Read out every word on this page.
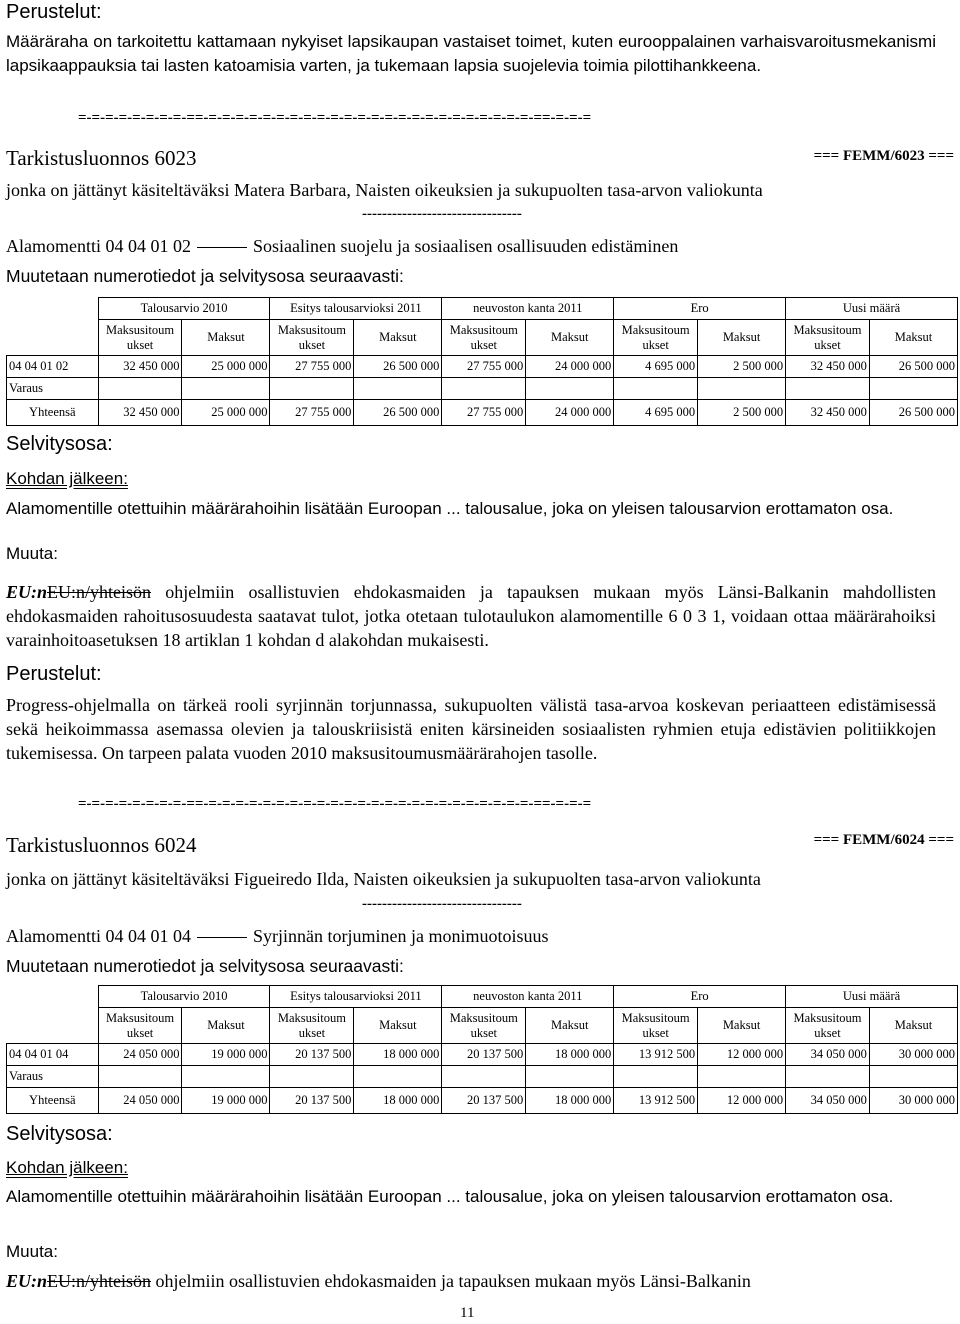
Perustelut:
Määräraha on tarkoitettu kattamaan nykyiset lapsikaupan vastaiset toimet, kuten eurooppalainen varhaisvaroitusmekanismi lapsikaappauksia tai lasten katoamisia varten, ja tukemaan lapsia suojelevia toimia pilottihankkeena.
=-=-=-=-=-=-=-=-==-=-=-=-=-=-=-=-=-=-=-=-=-=-=-=-=-=-=-=-=-=-=-=-=-==-=-=-=
Tarkistusluonnos 6023	=== FEMM/6023 ===
jonka on jättänyt käsiteltäväksi Matera Barbara, Naisten oikeuksien ja sukupuolten tasa-arvon valiokunta
--------------------------------
Alamomentti 04 04 01 02	Sosiaalinen suojelu ja sosiaalisen osallisuuden edistäminen
Muutetaan numerotiedot ja selvitysosa seuraavasti:
	Talousarvio 2010		Esitys talousarvioksi 2011		neuvoston kanta 2011		Ero		Uusi määrä	
	Maksusitoum ukset	Maksut	Maksusitoum ukset	Maksut	Maksusitoum ukset	Maksut	Maksusitoum ukset	Maksut	Maksusitoum ukset	Maksut
04 04 01 02	32 450 000	25 000 000	27 755 000	26 500 000	27 755 000	24 000 000	4 695 000	2 500 000	32 450 000	26 500 000
Varaus										
Yhteensä	32 450 000	25 000 000	27 755 000	26 500 000	27 755 000	24 000 000	4 695 000	2 500 000	32 450 000	26 500 000
Selvitysosa:
Kohdan jälkeen:
Alamomentille otettuihin määrärahoihin lisätään Euroopan ... talousalue, joka on yleisen talousarvion erottamaton osa.
Muuta:
EU:nEU:n/yhteisön ohjelmiin osallistuvien ehdokasmaiden ja tapauksen mukaan myös Länsi-Balkanin mahdollisten ehdokasmaiden rahoitusosuudesta saatavat tulot, jotka otetaan tulotaulukon alamomentille 6 0 3 1, voidaan ottaa määrärahoiksi varainhoitoasetuksen 18 artiklan 1 kohdan d alakohdan mukaisesti.
Perustelut:
Progress-ohjelmalla on tärkeä rooli syrjinnän torjunnassa, sukupuolten välistä tasa-arvoa koskevan periaatteen edistämisessä sekä heikoimmassa asemassa olevien ja talouskriisistä eniten kärsineiden sosiaalisten ryhmien etuja edistävien politiikkojen tukemisessa. On tarpeen palata vuoden 2010 maksusitoumusmäärärahojen tasolle.
=-=-=-=-=-=-=-=-==-=-=-=-=-=-=-=-=-=-=-=-=-=-=-=-=-=-=-=-=-=-=-=-=-==-=-=-=
Tarkistusluonnos 6024	=== FEMM/6024 ===
jonka on jättänyt käsiteltäväksi Figueiredo Ilda, Naisten oikeuksien ja sukupuolten tasa-arvon valiokunta
--------------------------------
Alamomentti 04 04 01 04	Syrjinnän torjuminen ja monimuotoisuus
Muutetaan numerotiedot ja selvitysosa seuraavasti:
	Talousarvio 2010		Esitys talousarvioksi 2011		neuvoston kanta 2011		Ero		Uusi määrä	
	Maksusitoum ukset	Maksut	Maksusitoum ukset	Maksut	Maksusitoum ukset	Maksut	Maksusitoum ukset	Maksut	Maksusitoum ukset	Maksut
04 04 01 04	24 050 000	19 000 000	20 137 500	18 000 000	20 137 500	18 000 000	13 912 500	12 000 000	34 050 000	30 000 000
Varaus										
Yhteensä	24 050 000	19 000 000	20 137 500	18 000 000	20 137 500	18 000 000	13 912 500	12 000 000	34 050 000	30 000 000
Selvitysosa:
Kohdan jälkeen:
Alamomentille otettuihin määrärahoihin lisätään Euroopan ... talousalue, joka on yleisen talousarvion erottamaton osa.
Muuta:
EU:nEU:n/yhteisön ohjelmiin osallistuvien ehdokasmaiden ja tapauksen mukaan myös Länsi-Balkanin
11
